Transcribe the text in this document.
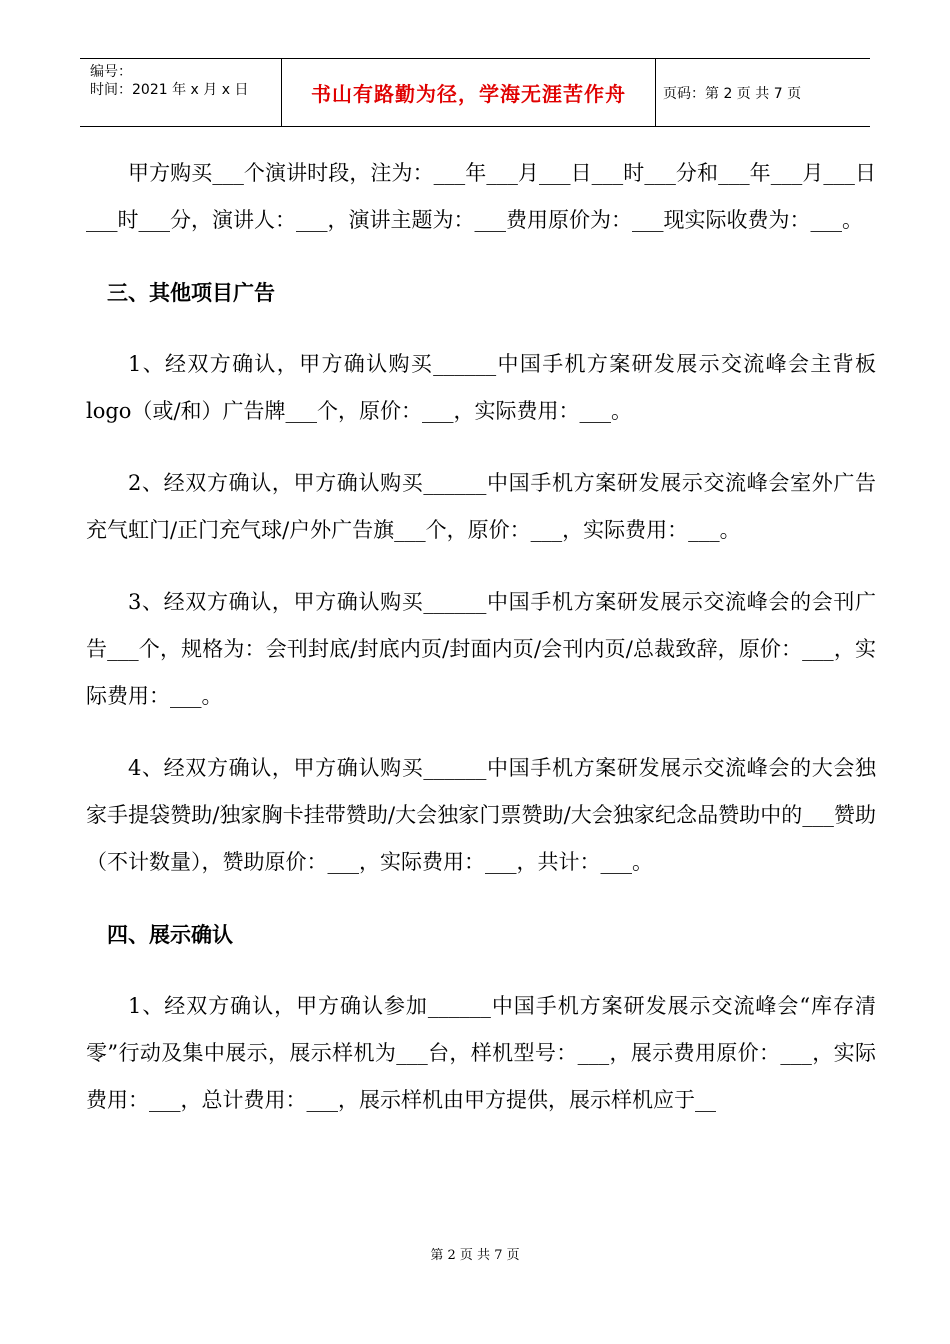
编号：
时间：2021 年 x 月 x 日	书山有路勤为径，学海无涯苦作舟	页码：第 2 页 共 7 页

甲方购买___个演讲时段，注为：___年___月___日___时___分和___年___月___日___时___分，演讲人：___，演讲主题为：___费用原价为：___现实际收费为：___。

三、其他项目广告

1、经双方确认，甲方确认购买______中国手机方案研发展示交流峰会主背板 logo（或/和）广告牌___个，原价：___，实际费用：___。

2、经双方确认，甲方确认购买______中国手机方案研发展示交流峰会室外广告充气虹门/正门充气球/户外广告旗___个，原价：___，实际费用：___。

3、经双方确认，甲方确认购买______中国手机方案研发展示交流峰会的会刊广告___个，规格为：会刊封底/封底内页/封面内页/会刊内页/总裁致辞，原价：___，实际费用：___。

4、经双方确认，甲方确认购买______中国手机方案研发展示交流峰会的大会独家手提袋赞助/独家胸卡挂带赞助/大会独家门票赞助/大会独家纪念品赞助中的___赞助（不计数量），赞助原价：___，实际费用：___，共计：___。

四、展示确认

1、经双方确认，甲方确认参加______中国手机方案研发展示交流峰会“库存清零”行动及集中展示，展示样机为___台，样机型号：___，展示费用原价：___，实际费用：___，总计费用：___，展示样机由甲方提供，展示样机应于__

第 2 页 共 7 页
